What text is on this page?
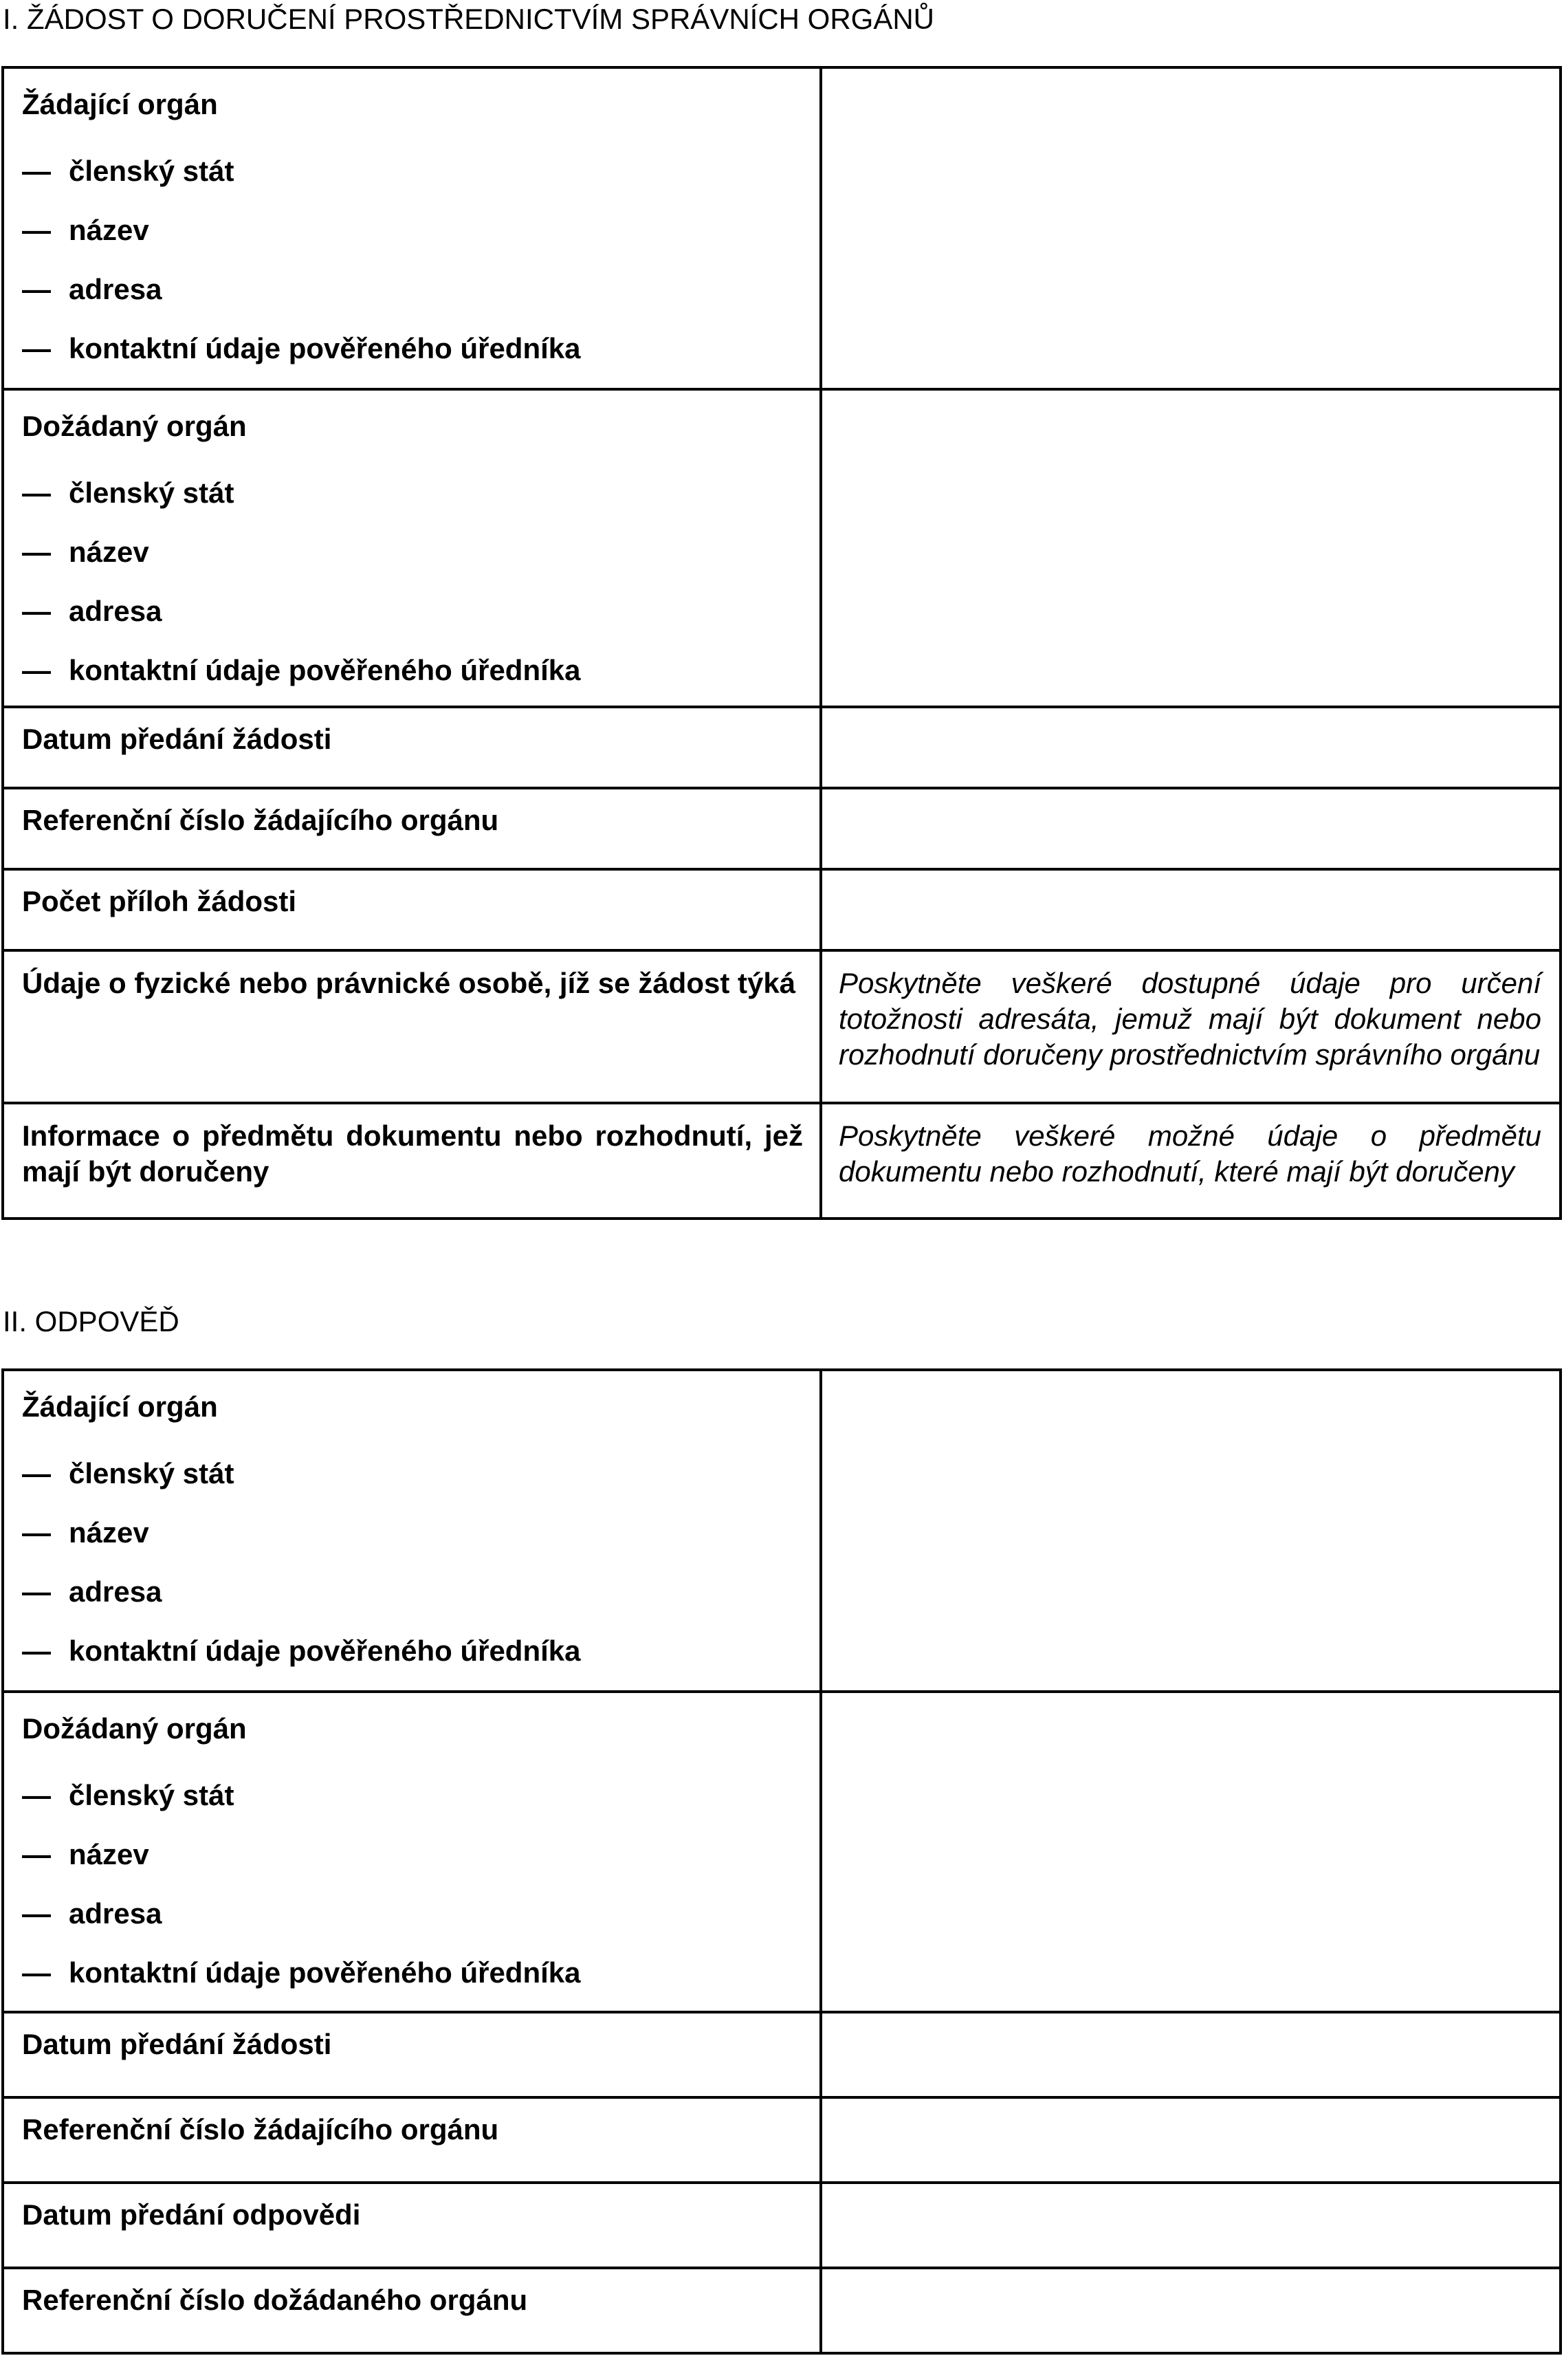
I. ŽÁDOST O DORUČENÍ PROSTŘEDNICTVÍM SPRÁVNÍCH ORGÁNŮ
Žádající orgán
— členský stát
— název
— adresa
— kontaktní údaje pověřeného úředníka	

Dožádaný orgán
— členský stát
— název
— adresa
— kontaktní údaje pověřeného úředníka	

Datum předání žádosti	

Referenční číslo žádajícího orgánu	

Počet příloh žádosti	

Údaje o fyzické nebo právnické osobě, jíž se žádost týká	Poskytněte veškeré dostupné údaje pro určení totožnosti adresáta, jemuž mají být dokument nebo rozhodnutí doručeny prostřednictvím správního orgánu

Informace o předmětu dokumentu nebo rozhodnutí, jež mají být doručeny	Poskytněte veškeré možné údaje o předmětu dokumentu nebo rozhodnutí, které mají být doručeny
II. ODPOVĚĎ
Žádající orgán
— členský stát
— název
— adresa
— kontaktní údaje pověřeného úředníka	

Dožádaný orgán
— členský stát
— název
— adresa
— kontaktní údaje pověřeného úředníka	

Datum předání žádosti	

Referenční číslo žádajícího orgánu	

Datum předání odpovědi	

Referenční číslo dožádaného orgánu	
